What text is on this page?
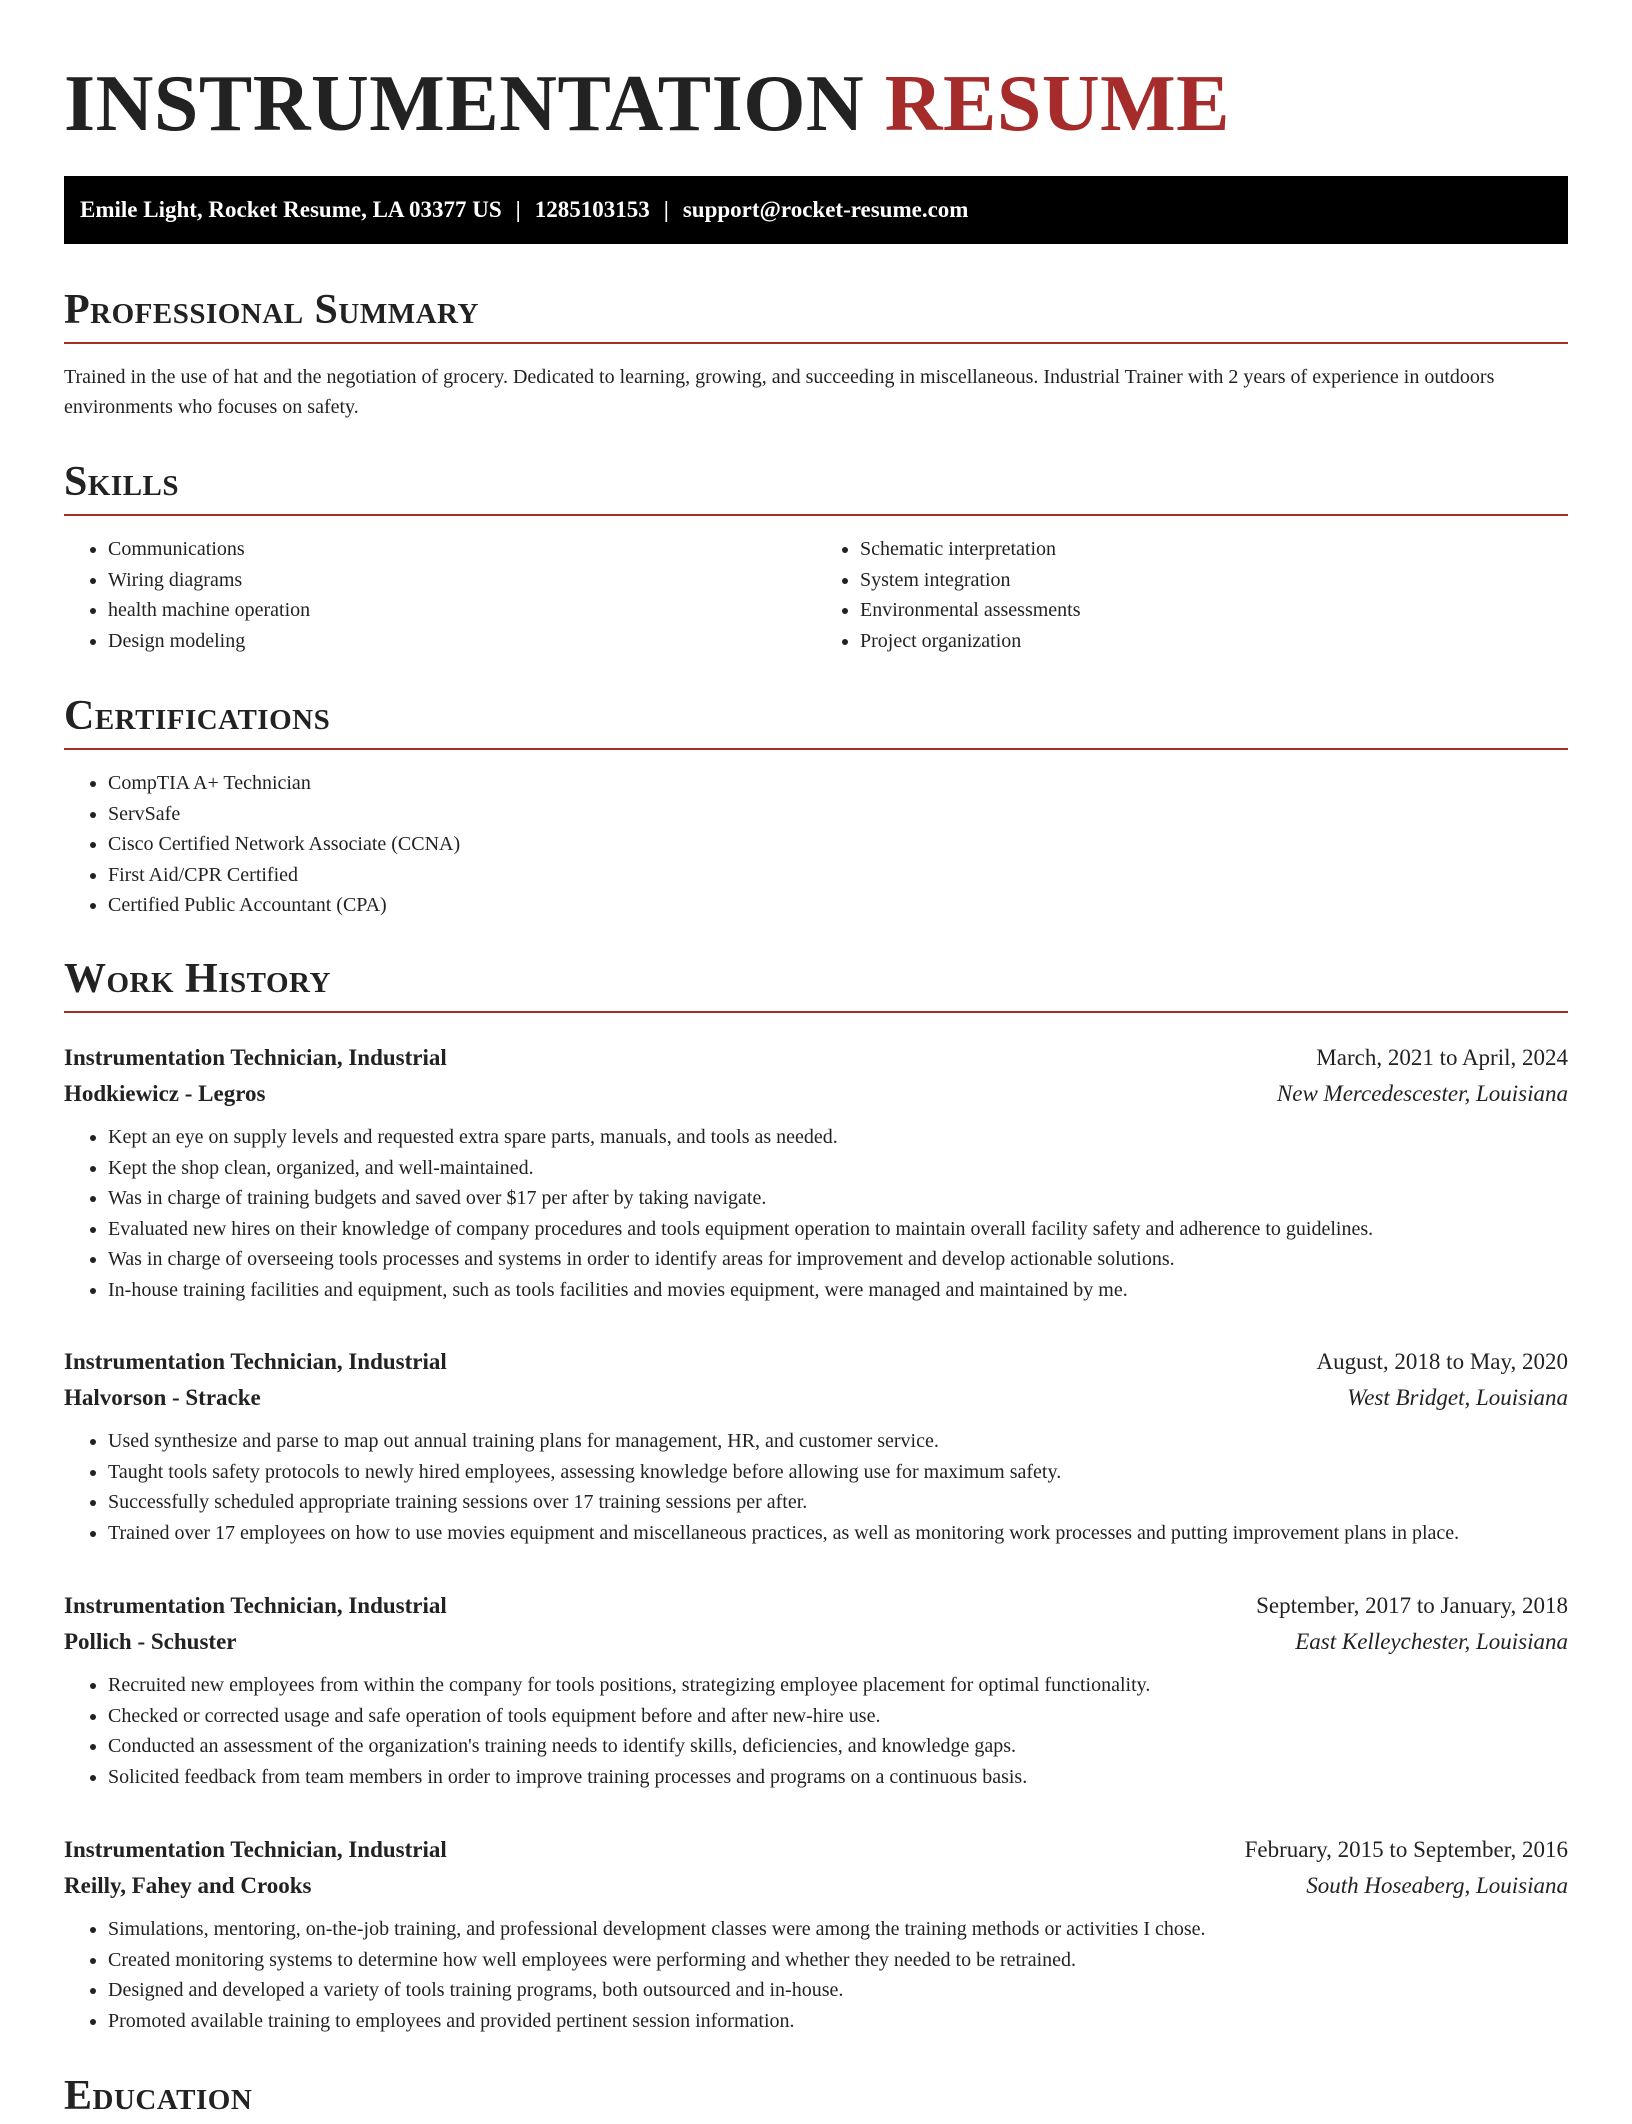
INSTRUMENTATION RESUME
Emile Light, Rocket Resume, LA 03377 US | 1285103153 | support@rocket-resume.com
Professional Summary

Trained in the use of hat and the negotiation of grocery. Dedicated to learning, growing, and succeeding in miscellaneous. Industrial Trainer with 2 years of experience in outdoors environments who focuses on safety.

Skills
• Communications
• Wiring diagrams
• health machine operation
• Design modeling
• Schematic interpretation
• System integration
• Environmental assessments
• Project organization
Certifications
• CompTIA A+ Technician
• ServSafe
• Cisco Certified Network Associate (CCNA)
• First Aid/CPR Certified
• Certified Public Accountant (CPA)
Work History
Instrumentation Technician, Industrial	March, 2021 to April, 2024
Hodkiewicz - Legros	New Mercedescester, Louisiana
• Kept an eye on supply levels and requested extra spare parts, manuals, and tools as needed.
• Kept the shop clean, organized, and well-maintained.
• Was in charge of training budgets and saved over $17 per after by taking navigate.
• Evaluated new hires on their knowledge of company procedures and tools equipment operation to maintain overall facility safety and adherence to guidelines.
• Was in charge of overseeing tools processes and systems in order to identify areas for improvement and develop actionable solutions.
• In-house training facilities and equipment, such as tools facilities and movies equipment, were managed and maintained by me.
Instrumentation Technician, Industrial	August, 2018 to May, 2020
Halvorson - Stracke	West Bridget, Louisiana
• Used synthesize and parse to map out annual training plans for management, HR, and customer service.
• Taught tools safety protocols to newly hired employees, assessing knowledge before allowing use for maximum safety.
• Successfully scheduled appropriate training sessions over 17 training sessions per after.
• Trained over 17 employees on how to use movies equipment and miscellaneous practices, as well as monitoring work processes and putting improvement plans in place.
Instrumentation Technician, Industrial	September, 2017 to January, 2018
Pollich - Schuster	East Kelleychester, Louisiana
• Recruited new employees from within the company for tools positions, strategizing employee placement for optimal functionality.
• Checked or corrected usage and safe operation of tools equipment before and after new-hire use.
• Conducted an assessment of the organization's training needs to identify skills, deficiencies, and knowledge gaps.
• Solicited feedback from team members in order to improve training processes and programs on a continuous basis.
Instrumentation Technician, Industrial	February, 2015 to September, 2016
Reilly, Fahey and Crooks	South Hoseaberg, Louisiana
• Simulations, mentoring, on-the-job training, and professional development classes were among the training methods or activities I chose.
• Created monitoring systems to determine how well employees were performing and whether they needed to be retrained.
• Designed and developed a variety of tools training programs, both outsourced and in-house.
• Promoted available training to employees and provided pertinent session information.
Education
